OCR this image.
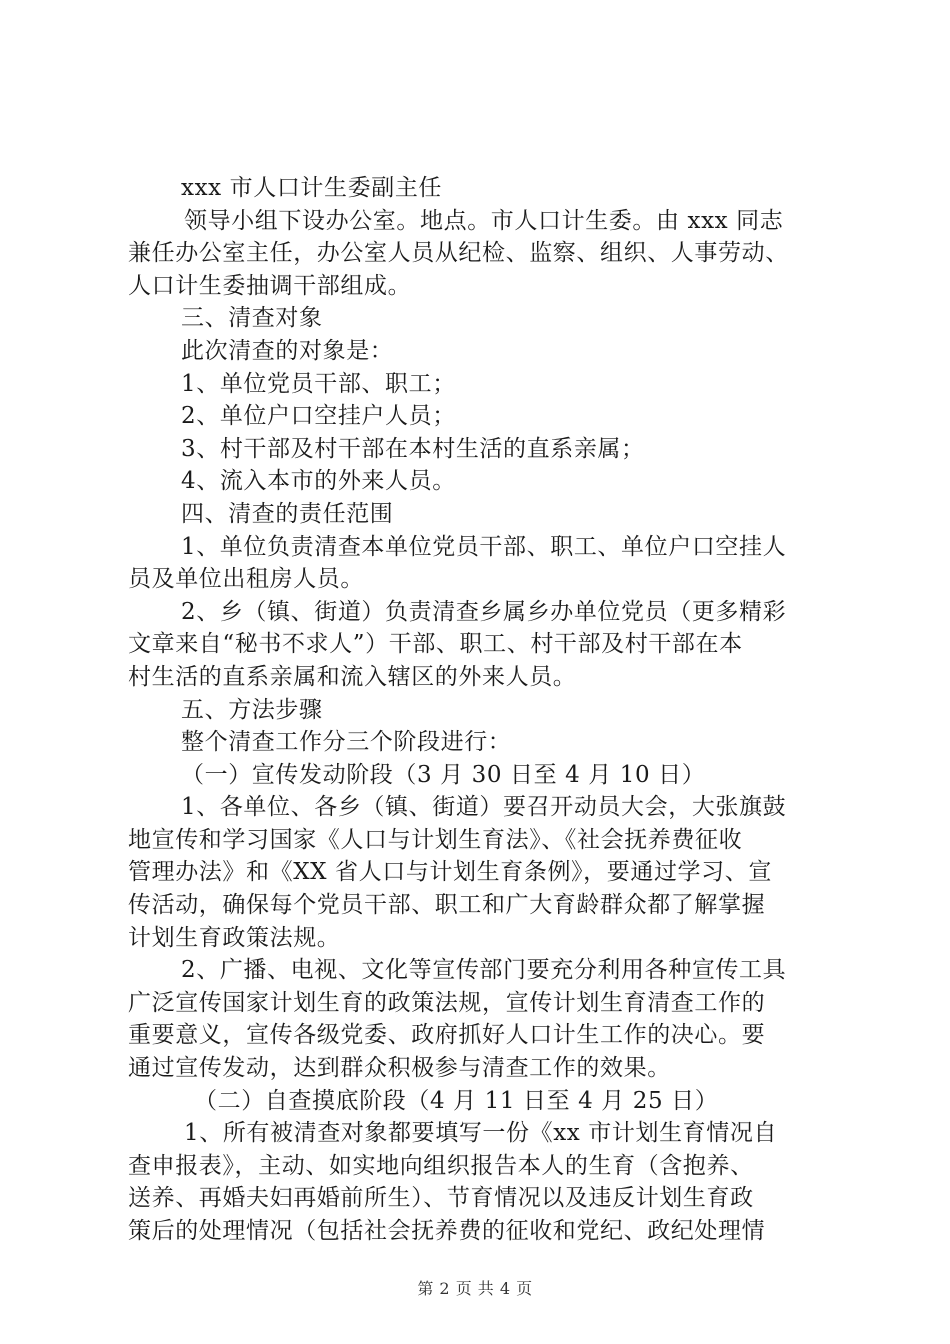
xxx 市人口计生委副主任
领导小组下设办公室。地点。市人口计生委。由 xxx 同志
兼任办公室主任，办公室人员从纪检、监察、组织、人事劳动、
人口计生委抽调干部组成。
三、清查对象
此次清查的对象是：
1、单位党员干部、职工；
2、单位户口空挂户人员；
3、村干部及村干部在本村生活的直系亲属；
4、流入本市的外来人员。
四、清查的责任范围
1、单位负责清查本单位党员干部、职工、单位户口空挂人
员及单位出租房人员。
2、乡（镇、街道）负责清查乡属乡办单位党员（更多精彩
文章来自“秘书不求人”）干部、职工、村干部及村干部在本
村生活的直系亲属和流入辖区的外来人员。
五、方法步骤
整个清查工作分三个阶段进行：
（一）宣传发动阶段（3 月 30 日至 4 月 10 日）
1、各单位、各乡（镇、街道）要召开动员大会，大张旗鼓
地宣传和学习国家《人口与计划生育法》、《社会抚养费征收
管理办法》和《XX 省人口与计划生育条例》，要通过学习、宣
传活动，确保每个党员干部、职工和广大育龄群众都了解掌握
计划生育政策法规。
2、广播、电视、文化等宣传部门要充分利用各种宣传工具
广泛宣传国家计划生育的政策法规，宣传计划生育清查工作的
重要意义，宣传各级党委、政府抓好人口计生工作的决心。要
通过宣传发动，达到群众积极参与清查工作的效果。
（二）自查摸底阶段（4 月 11 日至 4 月 25 日）
1、所有被清查对象都要填写一份《xx 市计划生育情况自
查申报表》，主动、如实地向组织报告本人的生育（含抱养、
送养、再婚夫妇再婚前所生）、节育情况以及违反计划生育政
策后的处理情况（包括社会抚养费的征收和党纪、政纪处理情
第 2 页 共 4 页
